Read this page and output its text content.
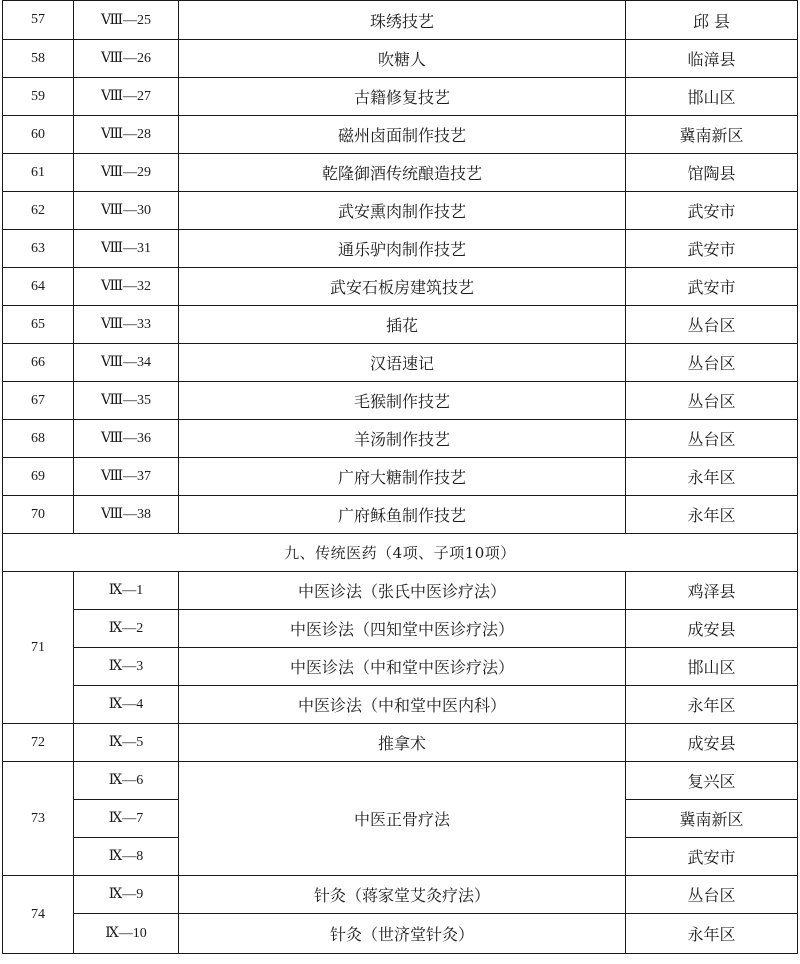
57	Ⅷ—25	珠绣技艺	邱 县
58	Ⅷ—26	吹糖人	临漳县
59	Ⅷ—27	古籍修复技艺	邯山区
60	Ⅷ—28	磁州卤面制作技艺	冀南新区
61	Ⅷ—29	乾隆御酒传统酿造技艺	馆陶县
62	Ⅷ—30	武安熏肉制作技艺	武安市
63	Ⅷ—31	通乐驴肉制作技艺	武安市
64	Ⅷ—32	武安石板房建筑技艺	武安市
65	Ⅷ—33	插花	丛台区
66	Ⅷ—34	汉语速记	丛台区
67	Ⅷ—35	毛猴制作技艺	丛台区
68	Ⅷ—36	羊汤制作技艺	丛台区
69	Ⅷ—37	广府大糖制作技艺	永年区
70	Ⅷ—38	广府稣鱼制作技艺	永年区
九、传统医药（4项、子项10项）			
71	Ⅸ—1	中医诊法（张氏中医诊疗法）	鸡泽县
	Ⅸ—2	中医诊法（四知堂中医诊疗法）	成安县
	Ⅸ—3	中医诊法（中和堂中医诊疗法）	邯山区
	Ⅸ—4	中医诊法（中和堂中医内科）	永年区
72	Ⅸ—5	推拿术	成安县
73	Ⅸ—6	中医正骨疗法	复兴区
	Ⅸ—7		冀南新区
	Ⅸ—8		武安市
74	Ⅸ—9	针灸（蒋家堂艾灸疗法）	丛台区
	Ⅸ—10	针灸（世济堂针灸）	永年区
